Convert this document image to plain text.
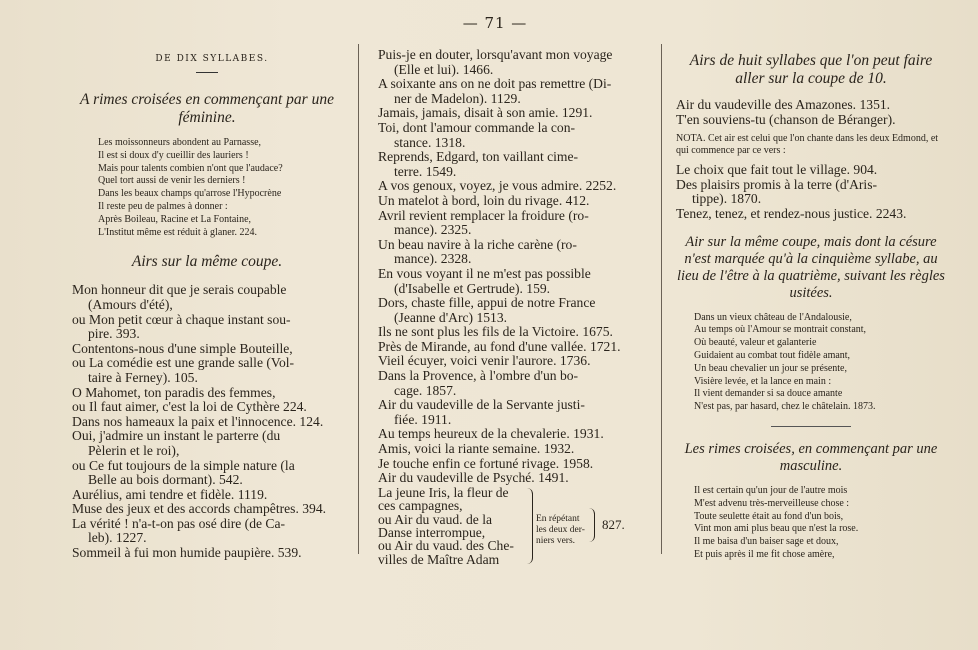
— 71 —
DE DIX SYLLABES.
A rimes croisées en commençant par une féminine.
Les moissonneurs abondent au Parnasse,
Il est si doux d'y cueillir des lauriers !
Mais pour talents combien n'ont que l'audace?
Quel tort aussi de venir les derniers !
Dans les beaux champs qu'arrose l'Hypocrène
Il reste peu de palmes à donner :
Après Boileau, Racine et La Fontaine,
L'Institut même est réduit à glaner. 224.
Airs sur la même coupe.
Mon honneur dit que je serais coupable
(Amours d'été),
ou Mon petit cœur à chaque instant sou-
pire. 393.
Contentons-nous d'une simple Bouteille,
ou La comédie est une grande salle (Vol-
taire à Ferney). 105.
O Mahomet, ton paradis des femmes,
ou Il faut aimer, c'est la loi de Cythère 224.
Dans nos hameaux la paix et l'innocence. 124.
Oui, j'admire un instant le parterre (du
Pèlerin et le roi),
ou Ce fut toujours de la simple nature (la
Belle au bois dormant). 542.
Aurélius, ami tendre et fidèle. 1119.
Muse des jeux et des accords champêtres. 394.
La vérité ! n'a-t-on pas osé dire (de Ca-
leb). 1227.
Sommeil à fui mon humide paupière. 539.
Puis-je en douter, lorsqu'avant mon voyage
(Elle et lui). 1466.
A soixante ans on ne doit pas remettre (Di-
ner de Madelon). 1129.
Jamais, jamais, disait à son amie. 1291.
Toi, dont l'amour commande la con-
stance. 1318.
Reprends, Edgard, ton vaillant cime-
terre. 1549.
A vos genoux, voyez, je vous admire. 2252.
Un matelot à bord, loin du rivage. 412.
Avril revient remplacer la froidure (ro-
mance). 2325.
Un beau navire à la riche carène (ro-
mance). 2328.
En vous voyant il ne m'est pas possible
(d'Isabelle et Gertrude). 159.
Dors, chaste fille, appui de notre France
(Jeanne d'Arc) 1513.
Ils ne sont plus les fils de la Victoire. 1675.
Près de Mirande, au fond d'une vallée. 1721.
Vieil écuyer, voici venir l'aurore. 1736.
Dans la Provence, à l'ombre d'un bo-
cage. 1857.
Air du vaudeville de la Servante justi-
fiée. 1911.
Au temps heureux de la chevalerie. 1931.
Amis, voici la riante semaine. 1932.
Je touche enfin ce fortuné rivage. 1958.
Air du vaudeville de Psyché. 1491.
La jeune Iris, la fleur de
ces campagnes,
ou Air du vaud. de la
Danse interrompue,
ou Air du vaud. des Che-
villes de Maître Adam
En répétant les deux der- niers vers.
827.
Airs de huit syllabes que l'on peut faire aller sur la coupe de 10.
Air du vaudeville des Amazones. 1351.
T'en souviens-tu (chanson de Béranger).
NOTA. Cet air est celui que l'on chante dans les deux Edmond, et qui commence par ce vers :
Le choix que fait tout le village. 904.
Des plaisirs promis à la terre (d'Aris-
tippe). 1870.
Tenez, tenez, et rendez-nous justice. 2243.
Air sur la même coupe, mais dont la césure n'est marquée qu'à la cinquième syllabe, au lieu de l'être à la quatrième, suivant les règles usitées.
Dans un vieux château de l'Andalousie,
Au temps où l'Amour se montrait constant,
Où beauté, valeur et galanterie
Guidaient au combat tout fidèle amant,
Un beau chevalier un jour se présente,
Visière levée, et la lance en main :
Il vient demander si sa douce amante
N'est pas, par hasard, chez le châtelain. 1873.
Les rimes croisées, en commençant par une masculine.
Il est certain qu'un jour de l'autre mois
M'est advenu très-merveilleuse chose :
Toute seulette était au fond d'un bois,
Vint mon ami plus beau que n'est la rose.
Il me baisa d'un baiser sage et doux,
Et puis après il me fit chose amère,
